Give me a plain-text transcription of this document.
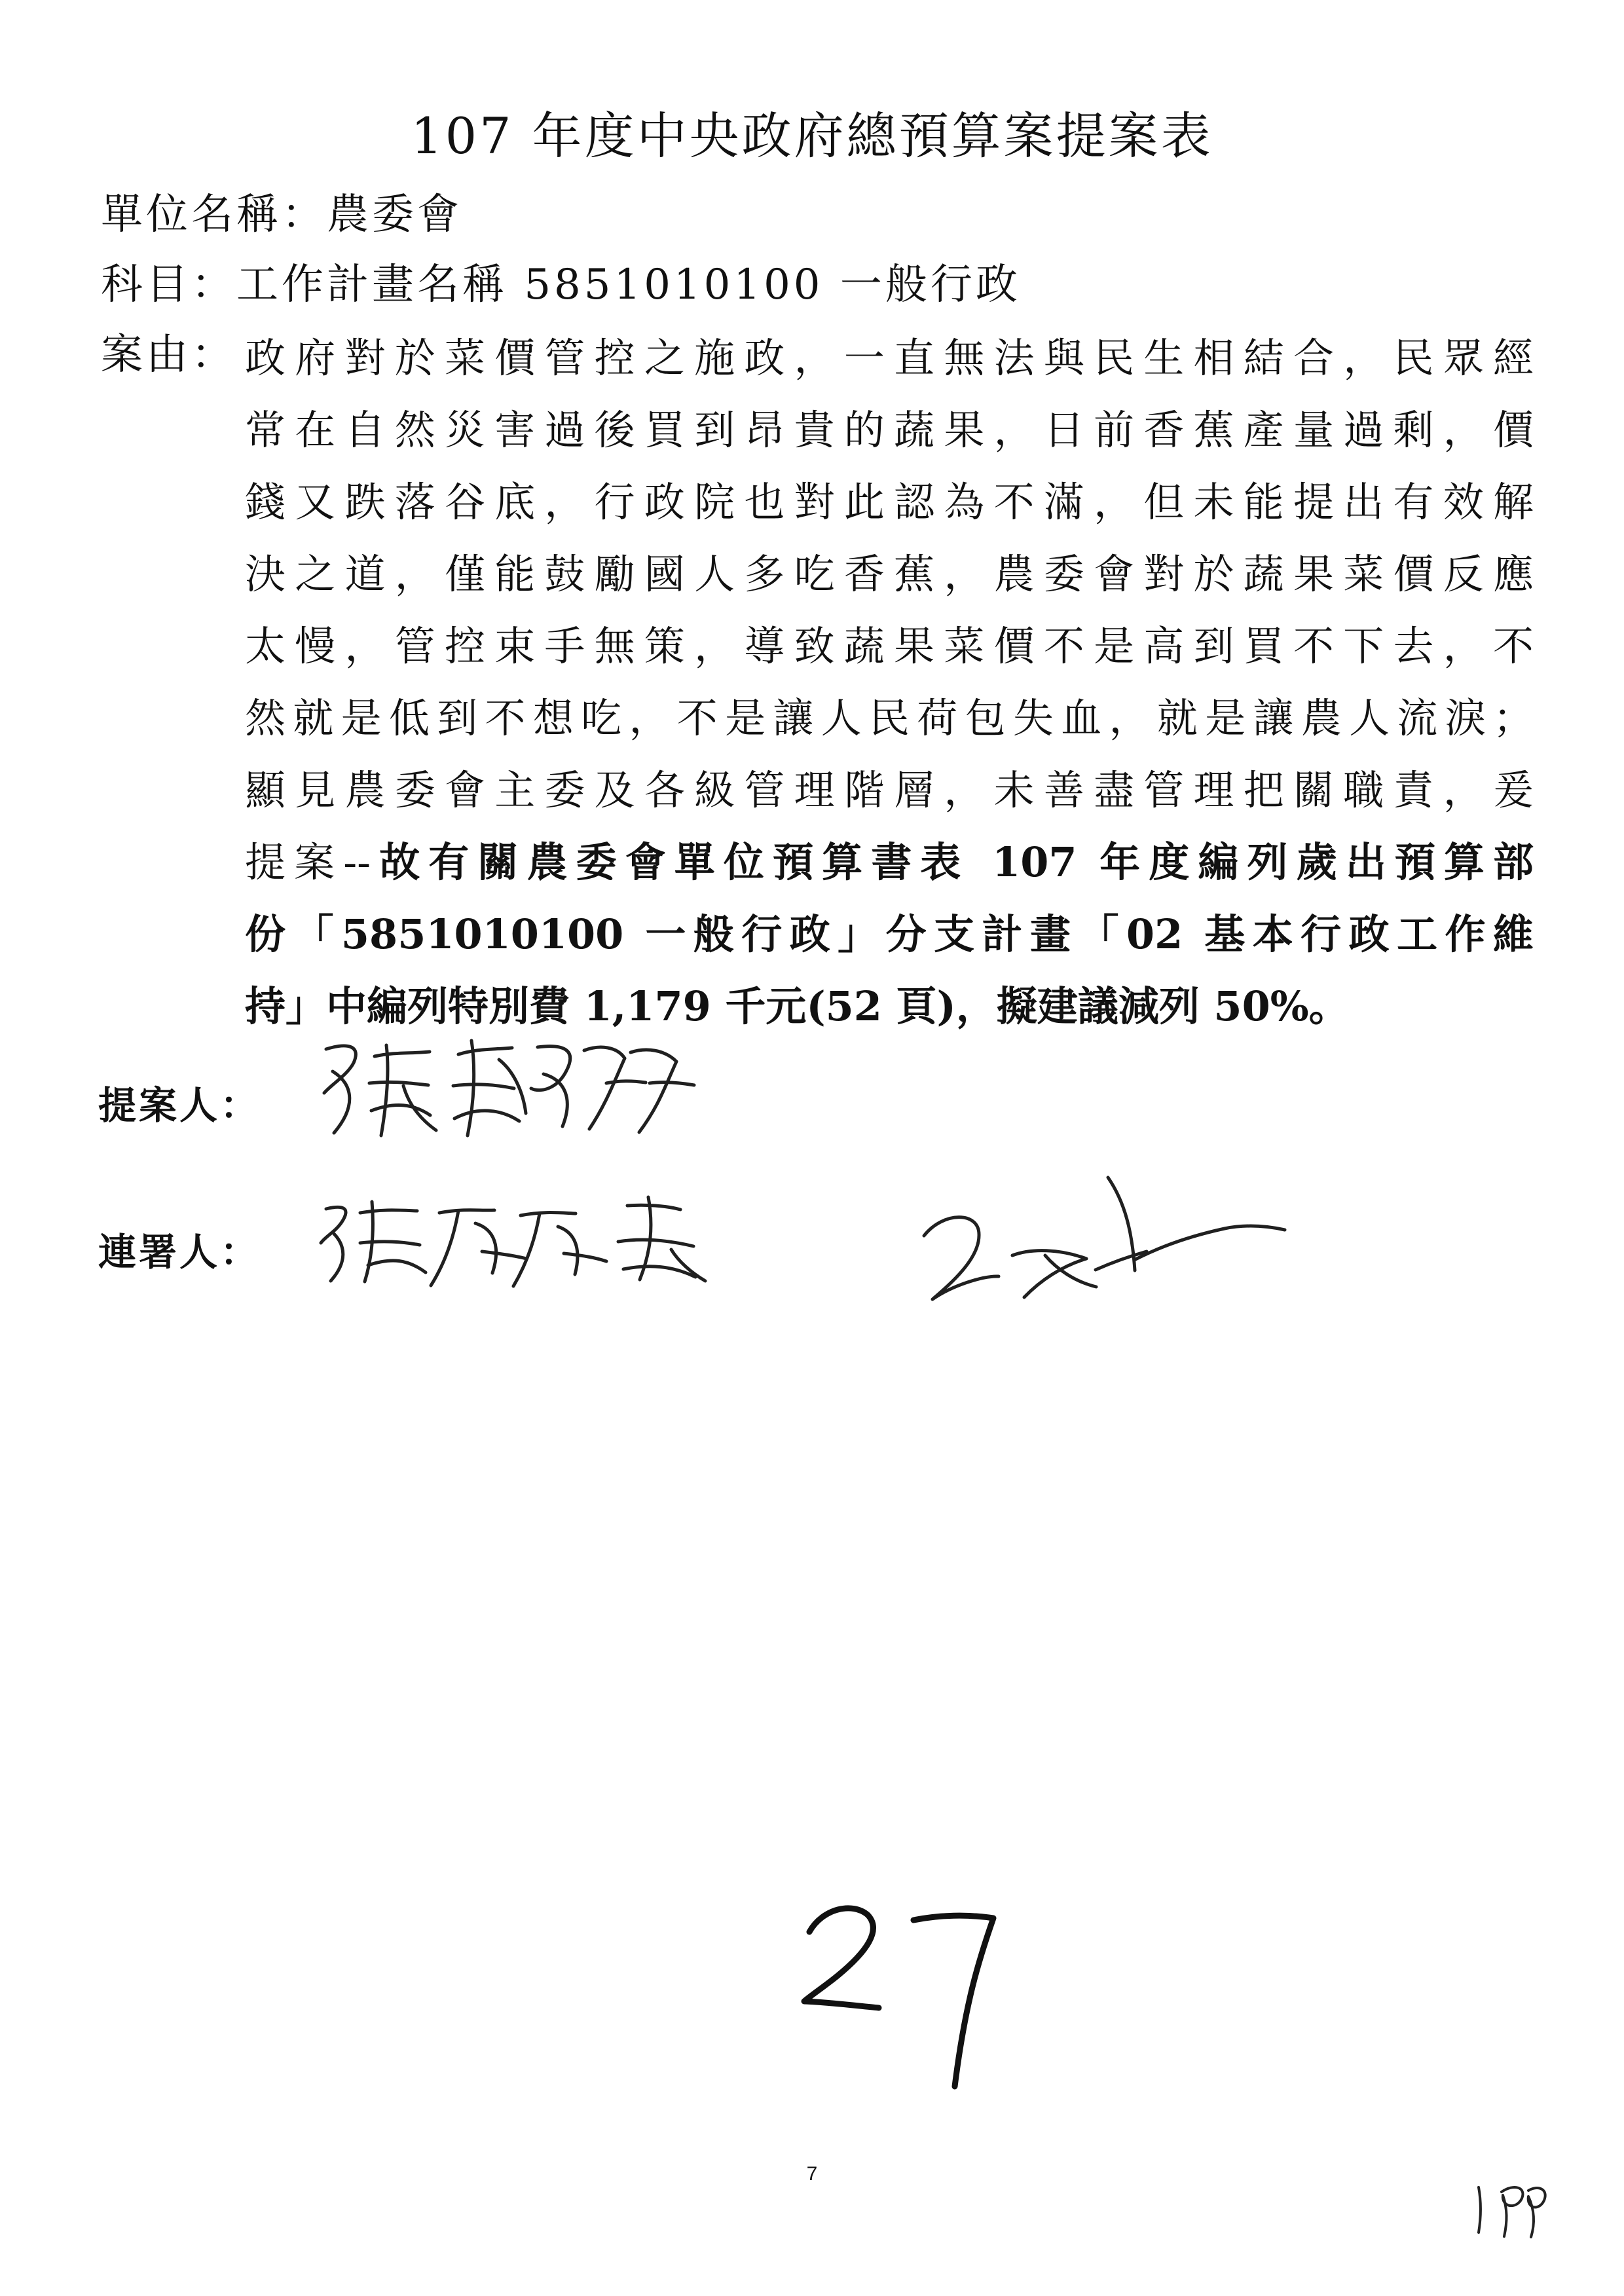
107 年度中央政府總預算案提案表
單位名稱：農委會
科目：工作計畫名稱 5851010100 一般行政
案由： 政府對於菜價管控之施政，一直無法與民生相結合，民眾經
常在自然災害過後買到昂貴的蔬果，日前香蕉產量過剩，價
錢又跌落谷底，行政院也對此認為不滿，但未能提出有效解
決之道，僅能鼓勵國人多吃香蕉，農委會對於蔬果菜價反應
太慢，管控束手無策，導致蔬果菜價不是高到買不下去，不
然就是低到不想吃，不是讓人民荷包失血，就是讓農人流淚；
顯見農委會主委及各級管理階層，未善盡管理把關職責，爰
提案--故有關農委會單位預算書表 107 年度編列歲出預算部
份「5851010100 一般行政」分支計畫「02 基本行政工作維
持」中編列特別費 1,179 千元(52 頁)，擬建議減列 50%。
提案人：
連署人：
7
